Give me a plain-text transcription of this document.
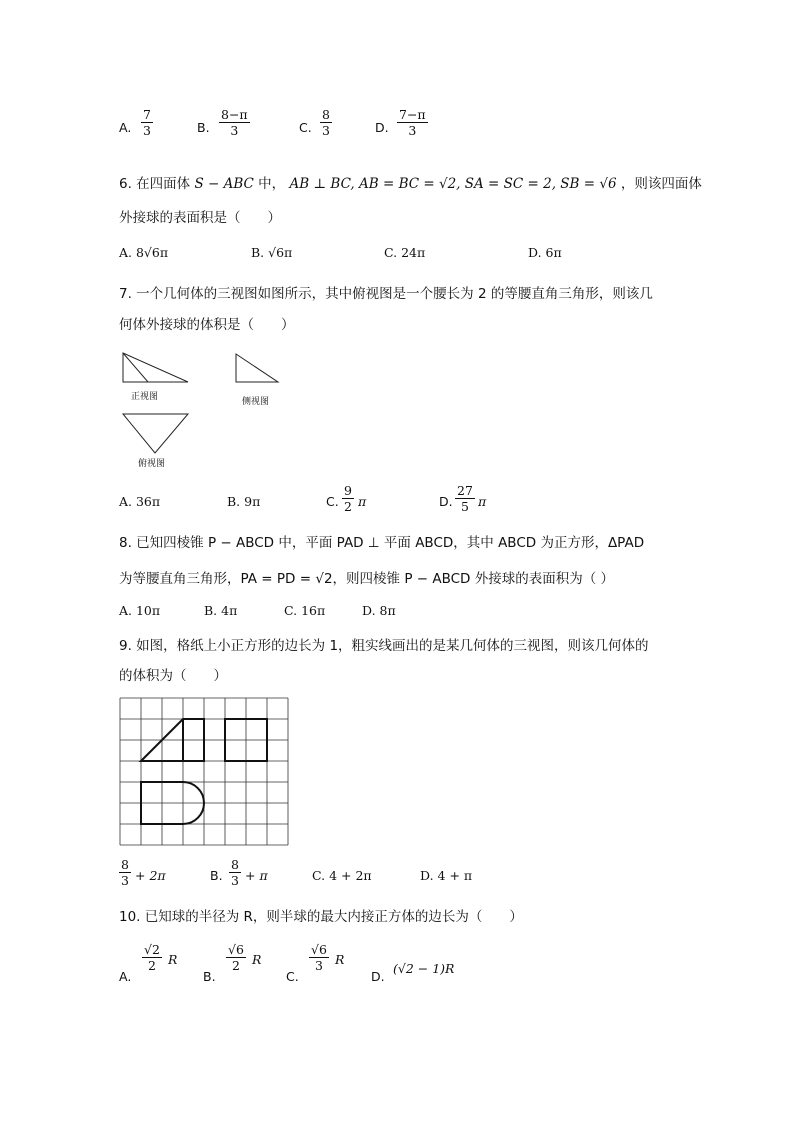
A. $\frac{7}{3}$	B. $\frac{8-\pi}{3}$	C. $\frac{8}{3}$	D. $\frac{7-\pi}{3}$
6. 在四面体 S − ABC 中， AB ⊥ BC, AB = BC = √2, SA = SC = 2, SB = √6 ，则该四面体
外接球的表面积是（　　）
A. 8√6π	B. √6π	C. 24π	D. 6π
7. 一个几何体的三视图如图所示，其中俯视图是一个腰长为 2 的等腰直角三角形，则该几
何体外接球的体积是（　　）
正视图	侧视图
俯视图
A. 36π	B. 9π	C. $\frac{9}{2}$ π	D. $\frac{27}{5}$ π
8. 已知四棱锥 P − ABCD 中，平面 PAD ⊥ 平面 ABCD，其中 ABCD 为正方形，ΔPAD
为等腰直角三角形，PA = PD = √2，则四棱锥 P − ABCD 外接球的表面积为（ ）
A. 10π	B. 4π	C. 16π	D. 8π
9. 如图，格纸上小正方形的边长为 1，粗实线画出的是某几何体的三视图，则该几何体的
的体积为（　　）
$\frac{8}{3} + 2\pi$	B. $\frac{8}{3} + \pi$	C. 4 + 2π	D. 4 + π
10. 已知球的半径为 R，则半球的最大内接正方体的边长为（　　）
A.
$\frac{√2}{2}$ R
B.
$\frac{√6}{2}$ R
C.
$\frac{√6}{3}$ R
D.
(√2 − 1)R
